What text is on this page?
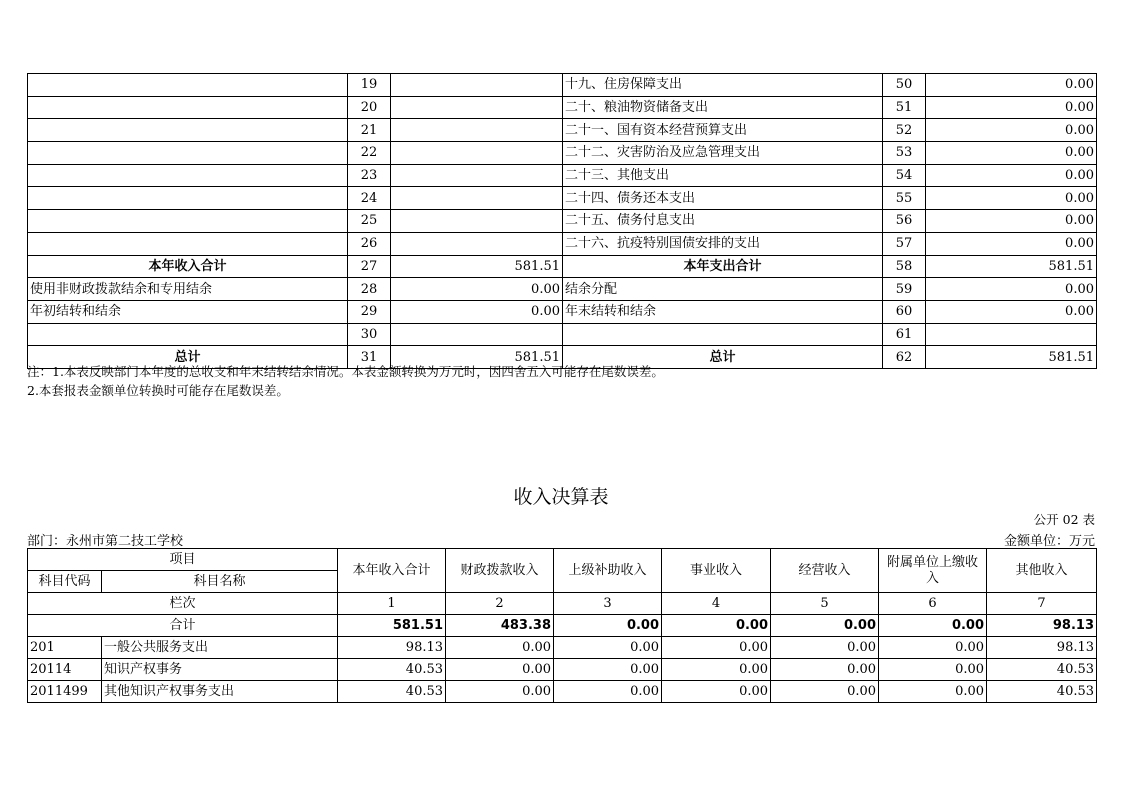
	19		十九、住房保障支出	50	0.00
	20		二十、粮油物资储备支出	51	0.00
	21		二十一、国有资本经营预算支出	52	0.00
	22		二十二、灾害防治及应急管理支出	53	0.00
	23		二十三、其他支出	54	0.00
	24		二十四、债务还本支出	55	0.00
	25		二十五、债务付息支出	56	0.00
	26		二十六、抗疫特别国债安排的支出	57	0.00
本年收入合计	27	581.51	本年支出合计	58	581.51
使用非财政拨款结余和专用结余	28	0.00	结余分配	59	0.00
年初结转和结余	29	0.00	年末结转和结余	60	0.00
	30			61	
总计	31	581.51	总计	62	581.51
注：1.本表反映部门本年度的总收支和年末结转结余情况。本表金额转换为万元时，因四舍五入可能存在尾数误差。
2.本套报表金额单位转换时可能存在尾数误差。
收入决算表
公开 02 表
部门：永州市第二技工学校	金额单位：万元
项目		本年收入合计	财政拨款收入	上级补助收入	事业收入	经营收入	附属单位上缴收入	其他收入
科目代码	科目名称							
栏次		1	2	3	4	5	6	7
合计		581.51	483.38	0.00	0.00	0.00	0.00	98.13
201	一般公共服务支出	98.13	0.00	0.00	0.00	0.00	0.00	98.13
20114	知识产权事务	40.53	0.00	0.00	0.00	0.00	0.00	40.53
2011499	其他知识产权事务支出	40.53	0.00	0.00	0.00	0.00	0.00	40.53
